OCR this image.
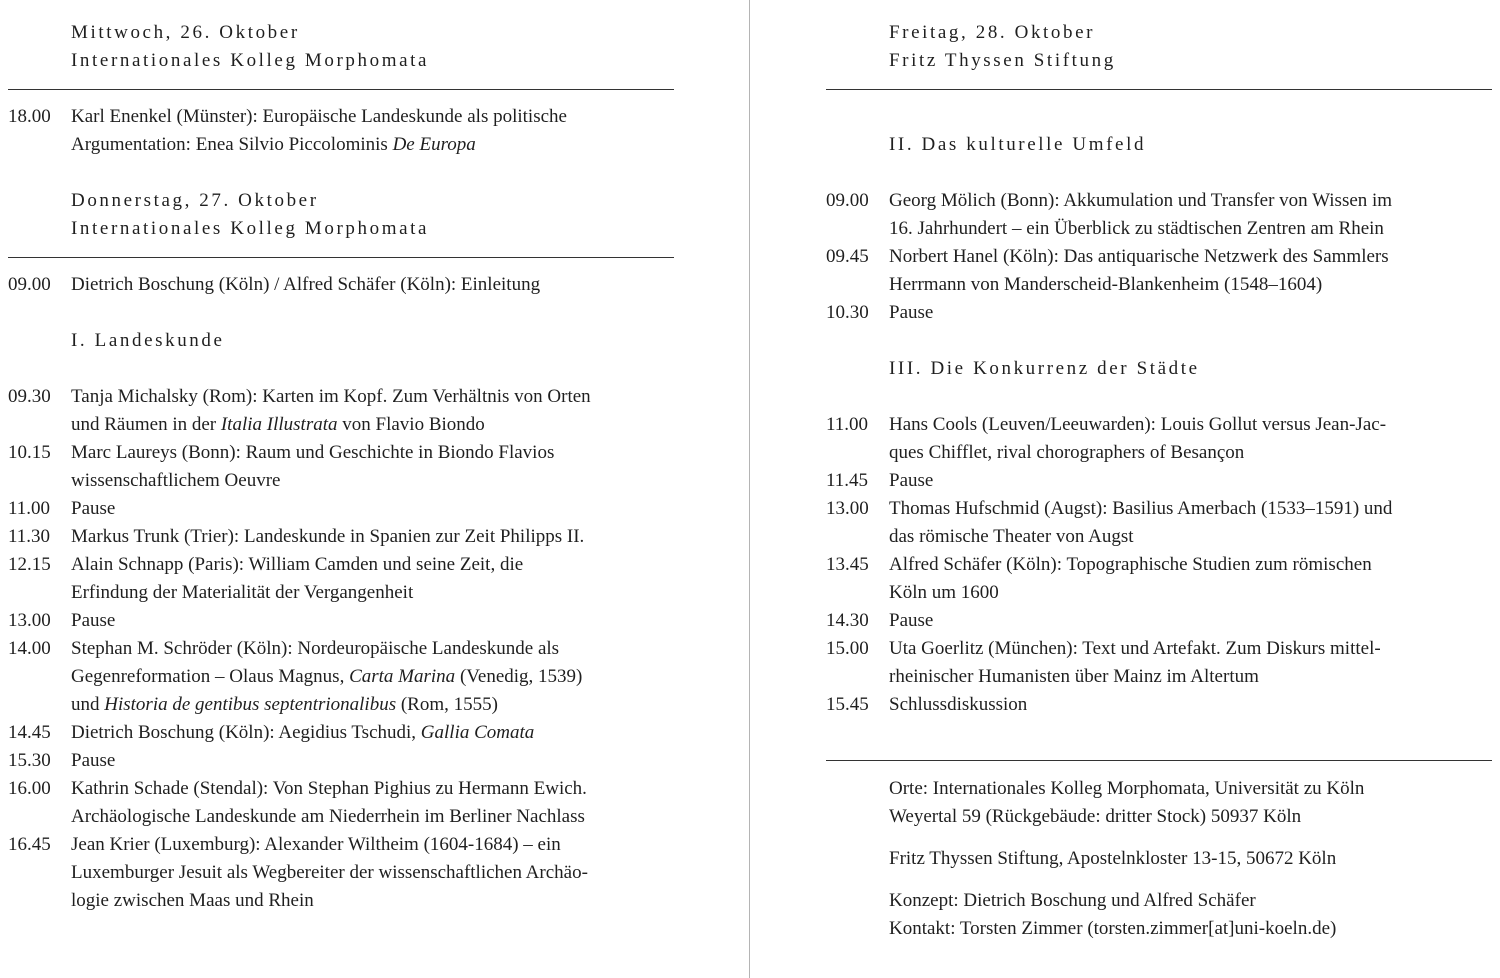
Mittwoch, 26. Oktober
Internationales Kolleg Morphomata
18.00 Karl Enenkel (Münster): Europäische Landeskunde als politische
Argumentation: Enea Silvio Piccolominis De Europa
Donnerstag, 27. Oktober
Internationales Kolleg Morphomata
09.00 Dietrich Boschung (Köln) / Alfred Schäfer (Köln): Einleitung
I. Landeskunde
09.30 Tanja Michalsky (Rom): Karten im Kopf. Zum Verhältnis von Orten
und Räumen in der Italia Illustrata von Flavio Biondo
10.15 Marc Laureys (Bonn): Raum und Geschichte in Biondo Flavios
wissenschaftlichem Oeuvre
11.00 Pause
11.30 Markus Trunk (Trier): Landeskunde in Spanien zur Zeit Philipps II.
12.15 Alain Schnapp (Paris): William Camden und seine Zeit, die
Erfindung der Materialität der Vergangenheit
13.00 Pause
14.00 Stephan M. Schröder (Köln): Nordeuropäische Landeskunde als
Gegenreformation – Olaus Magnus, Carta Marina (Venedig, 1539)
und Historia de gentibus septentrionalibus (Rom, 1555)
14.45 Dietrich Boschung (Köln): Aegidius Tschudi, Gallia Comata
15.30 Pause
16.00 Kathrin Schade (Stendal): Von Stephan Pighius zu Hermann Ewich.
Archäologische Landeskunde am Niederrhein im Berliner Nachlass
16.45 Jean Krier (Luxemburg): Alexander Wiltheim (1604-1684) – ein
Luxemburger Jesuit als Wegbereiter der wissenschaftlichen Archäo-
logie zwischen Maas und Rhein
Freitag, 28. Oktober
Fritz Thyssen Stiftung
II. Das kulturelle Umfeld
09.00 Georg Mölich (Bonn): Akkumulation und Transfer von Wissen im
16. Jahrhundert – ein Überblick zu städtischen Zentren am Rhein
09.45 Norbert Hanel (Köln): Das antiquarische Netzwerk des Sammlers
Herrmann von Manderscheid-Blankenheim (1548–1604)
10.30 Pause
III. Die Konkurrenz der Städte
11.00 Hans Cools (Leuven/Leeuwarden): Louis Gollut versus Jean-Jac-
ques Chifflet, rival chorographers of Besançon
11.45 Pause
13.00 Thomas Hufschmid (Augst): Basilius Amerbach (1533–1591) und
das römische Theater von Augst
13.45 Alfred Schäfer (Köln): Topographische Studien zum römischen
Köln um 1600
14.30 Pause
15.00 Uta Goerlitz (München): Text und Artefakt. Zum Diskurs mittel-
rheinischer Humanisten über Mainz im Altertum
15.45 Schlussdiskussion
Orte: Internationales Kolleg Morphomata, Universität zu Köln
Weyertal 59 (Rückgebäude: dritter Stock) 50937 Köln
Fritz Thyssen Stiftung, Apostelnkloster 13-15, 50672 Köln
Konzept: Dietrich Boschung und Alfred Schäfer
Kontakt: Torsten Zimmer (torsten.zimmer[at]uni-koeln.de)
